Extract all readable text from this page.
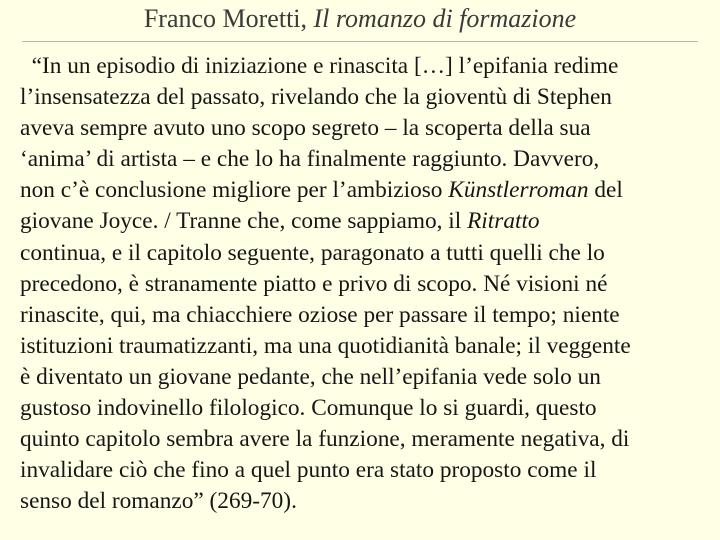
Franco Moretti, Il romanzo di formazione
“In un episodio di iniziazione e rinascita […] l’epifania redime
l’insensatezza del passato, rivelando che la gioventù di Stephen
aveva sempre avuto uno scopo segreto – la scoperta della sua
‘anima’ di artista – e che lo ha finalmente raggiunto. Davvero,
non c’è conclusione migliore per l’ambizioso Künstlerroman del
giovane Joyce. / Tranne che, come sappiamo, il Ritratto
continua, e il capitolo seguente, paragonato a tutti quelli che lo
precedono, è stranamente piatto e privo di scopo. Né visioni né
rinascite, qui, ma chiacchiere oziose per passare il tempo; niente
istituzioni traumatizzanti, ma una quotidianità banale; il veggente
è diventato un giovane pedante, che nell’epifania vede solo un
gustoso indovinello filologico. Comunque lo si guardi, questo
quinto capitolo sembra avere la funzione, meramente negativa, di
invalidare ciò che fino a quel punto era stato proposto come il
senso del romanzo” (269-70).
